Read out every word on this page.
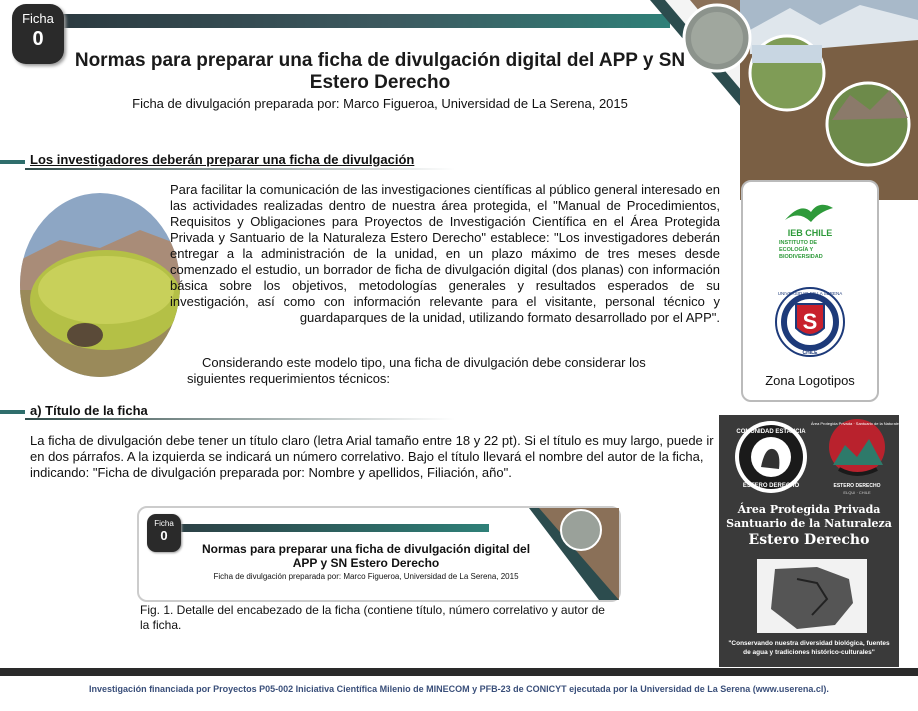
Ficha
0
Normas para preparar una ficha de divulgación digital del APP y SN Estero Derecho
Ficha de divulgación preparada por: Marco Figueroa, Universidad de La Serena, 2015
Los investigadores deberán preparar una ficha de divulgación
Para facilitar la comunicación de las investigaciones científicas al público general interesado en las actividades realizadas dentro de nuestra área protegida, el "Manual de Procedimientos, Requisitos y Obligaciones para Proyectos de Investigación Científica en el Área Protegida Privada y Santuario de la Naturaleza Estero Derecho" establece: "Los investigadores deberán entregar a la administración de la unidad, en un plazo máximo de tres meses desde comenzado el estudio, un borrador de ficha de divulgación digital (dos planas) con información básica sobre los objetivos, metodologías generales y resultados esperados de su investigación, así como con información relevante para el visitante, personal técnico y guardaparques de la unidad, utilizando formato desarrollado por el APP".
Considerando este modelo tipo, una ficha de divulgación debe considerar los siguientes requerimientos técnicos:
IEB CHILE
INSTITUTO DE
ECOLOGÍA Y
BIODIVERSIDAD
S
UNIVERSIDAD DE LA SERENA
CHILE
Zona Logotipos
a) Título de la ficha
La ficha de divulgación debe tener un título claro (letra Arial tamaño entre 18 y 22 pt). Si el título es muy largo, puede ir en dos párrafos. A la izquierda se indicará un número correlativo. Bajo el título llevará el nombre del autor de la ficha, indicando: "Ficha de divulgación preparada por: Nombre y apellidos, Filiación, año".
Ficha
0
Normas para preparar una ficha de divulgación digital del APP y SN Estero Derecho
Ficha de divulgación preparada por: Marco Figueroa, Universidad de La Serena, 2015
Fig. 1. Detalle del encabezado de la ficha (contiene título, número correlativo y autor de la ficha.
COMUNIDAD ESTANCIA
ESTERO DERECHO
Área Protegida Privada · Santuario de la Naturaleza
ESTERO DERECHO
ELQUI · CHILE
Área Protegida Privada
Santuario de la Naturaleza
Estero Derecho
"Conservando nuestra diversidad biológica, fuentes de agua y tradiciones histórico-culturales"
Investigación financiada por Proyectos P05-002 Iniciativa Científica Milenio de MINECOM y PFB-23 de CONICYT ejecutada por la Universidad de La Serena (www.userena.cl).
